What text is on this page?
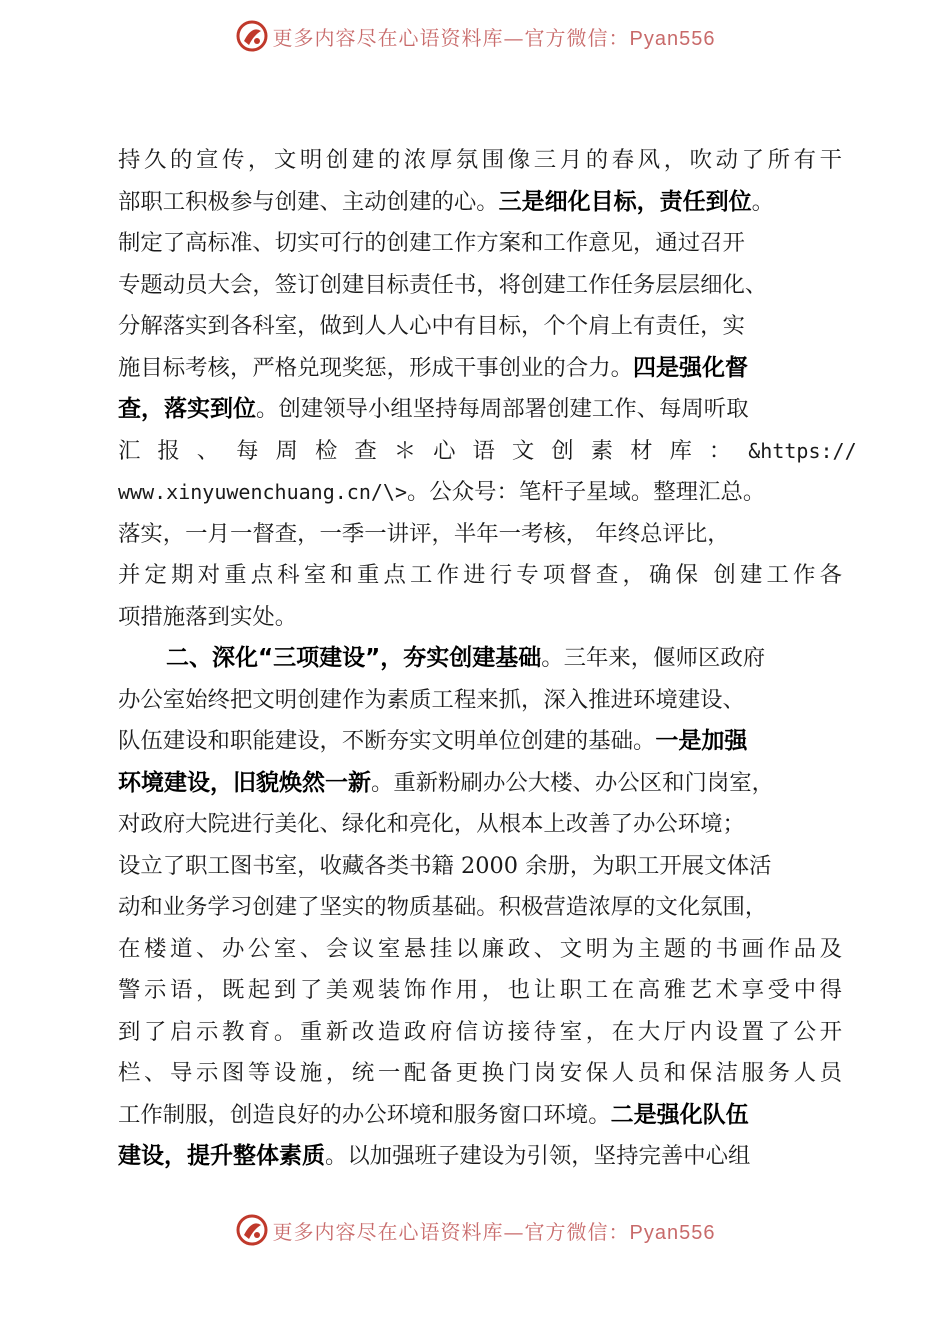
更多内容尽在心语资料库—官方微信：Pyan556
持久的宣传，文明创建的浓厚氛围像三月的春风，吹动了所有干
部职工积极参与创建、主动创建的心。三是细化目标，责任到位。
制定了高标准、切实可行的创建工作方案和工作意见，通过召开
专题动员大会，签订创建目标责任书，将创建工作任务层层细化、
分解落实到各科室，做到人人心中有目标，个个肩上有责任，实
施目标考核，严格兑现奖惩，形成干事创业的合力。四是强化督
查，落实到位。创建领导小组坚持每周部署创建工作、每周听取
汇报、每周检查＊心语文创素材库： &https://
www.xinyuwenchuang.cn/\>。公众号：笔杆子星域。整理汇总。
落实，一月一督查，一季一讲评，半年一考核， 年终总评比，
并定期对重点科室和重点工作进行专项督查，确保 创建工作各
项措施落到实处。
二、深化“三项建设”，夯实创建基础。三年来，偃师区政府
办公室始终把文明创建作为素质工程来抓，深入推进环境建设、
队伍建设和职能建设，不断夯实文明单位创建的基础。一是加强
环境建设，旧貌焕然一新。重新粉刷办公大楼、办公区和门岗室，
对政府大院进行美化、绿化和亮化，从根本上改善了办公环境；
设立了职工图书室，收藏各类书籍 2000 余册，为职工开展文体活
动和业务学习创建了坚实的物质基础。积极营造浓厚的文化氛围，
在楼道、办公室、会议室悬挂以廉政、文明为主题的书画作品及
警示语，既起到了美观装饰作用，也让职工在高雅艺术享受中得
到了启示教育。重新改造政府信访接待室，在大厅内设置了公开
栏、导示图等设施，统一配备更换门岗安保人员和保洁服务人员
工作制服，创造良好的办公环境和服务窗口环境。二是强化队伍
建设，提升整体素质。以加强班子建设为引领，坚持完善中心组
更多内容尽在心语资料库—官方微信：Pyan556
